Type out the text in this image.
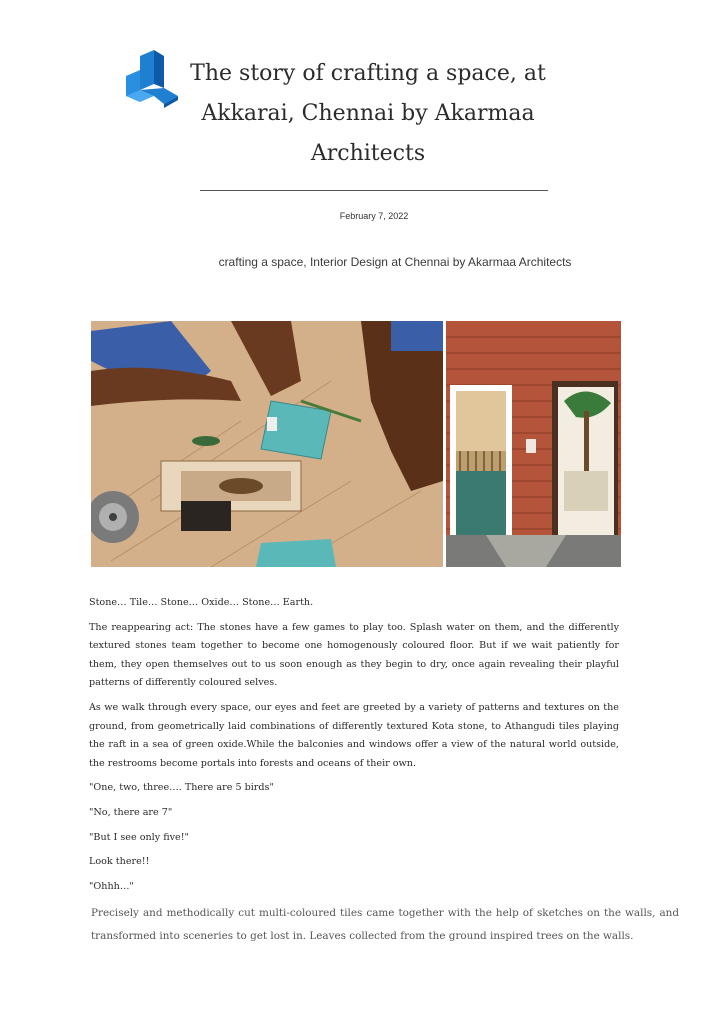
The story of crafting a space, at
Akkarai, Chennai by Akarmaa
Architects
February 7, 2022
crafting a space, Interior Design at Chennai by Akarmaa Architects

Stone… Tile… Stone… Oxide… Stone… Earth.

The reappearing act: The stones have a few games to play too. Splash water on them, and the differently textured stones team together to become one homogenously coloured floor. But if we wait patiently for them, they open themselves out to us soon enough as they begin to dry, once again revealing their playful patterns of differently coloured selves.

As we walk through every space, our eyes and feet are greeted by a variety of patterns and textures on the ground, from geometrically laid combinations of differently textured Kota stone, to Athangudi tiles playing the raft in a sea of green oxide.While the balconies and windows offer a view of the natural world outside, the restrooms become portals into forests and oceans of their own.

"One, two, three…. There are 5 birds"

"No, there are 7"

"But I see only five!"

Look there!!

"Ohhh…"

Precisely and methodically cut multi-coloured tiles came together with the help of sketches on the walls, and transformed into sceneries to get lost in. Leaves collected from the ground inspired trees on the walls.
